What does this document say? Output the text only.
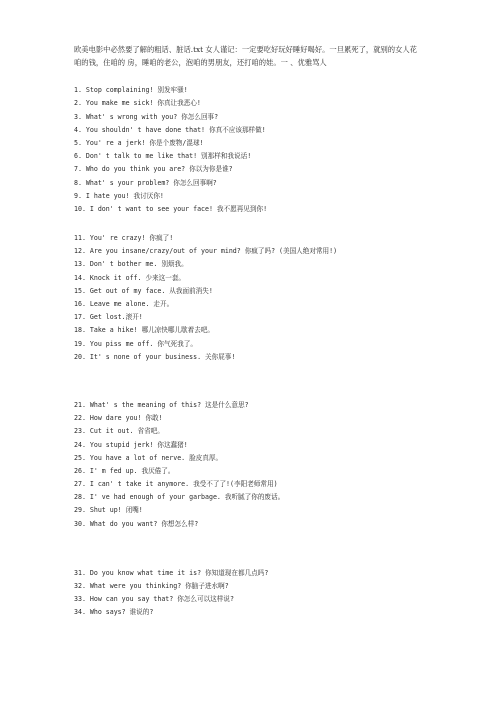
欧美电影中必然要了解的粗话、脏话.txt 女人谨记：一定要吃好玩好睡好喝好。一旦累死了，就别的女人花咱的钱，住咱的 房，睡咱的老公，泡咱的男朋友，还打咱的娃。一 、优雅骂人

1. Stop complaining! 别发牢骚!
2. You make me sick! 你真让我恶心!
3. What' s wrong with you? 你怎么回事?
4. You shouldn' t have done that! 你真不应该那样做!
5. You' re a jerk! 你是个废物/混球!
6. Don' t talk to me like that! 别那样和我说话!
7. Who do you think you are? 你以为你是谁?
8. What' s your problem? 你怎么回事啊?
9. I hate you! 我讨厌你!
10. I don' t want to see your face! 我不愿再见到你!
11. You' re crazy! 你疯了!
12. Are you insane/crazy/out of your mind? 你疯了吗? (美国人绝对常用!)
13. Don' t bother me. 别烦我。
14. Knock it off. 少来这一套。
15. Get out of my face. 从我面前消失!
16. Leave me alone. 走开。
17. Get lost.滚开!
18. Take a hike! 哪儿凉快哪儿歇着去吧。
19. You piss me off. 你气死我了。
20. It' s none of your business. 关你屁事!
21. What' s the meaning of this? 这是什么意思?
22. How dare you! 你敢!
23. Cut it out. 省省吧。
24. You stupid jerk! 你这蠢猪!
25. You have a lot of nerve. 脸皮真厚。
26. I' m fed up. 我厌倦了。
27. I can' t take it anymore. 我受不了了!(李阳老师常用)
28. I' ve had enough of your garbage. 我听腻了你的废话。
29. Shut up! 闭嘴!
30. What do you want? 你想怎么样?
31. Do you know what time it is? 你知道现在都几点吗?
32. What were you thinking? 你脑子进水啊?
33. How can you say that? 你怎么可以这样说?
34. Who says? 谁说的?
